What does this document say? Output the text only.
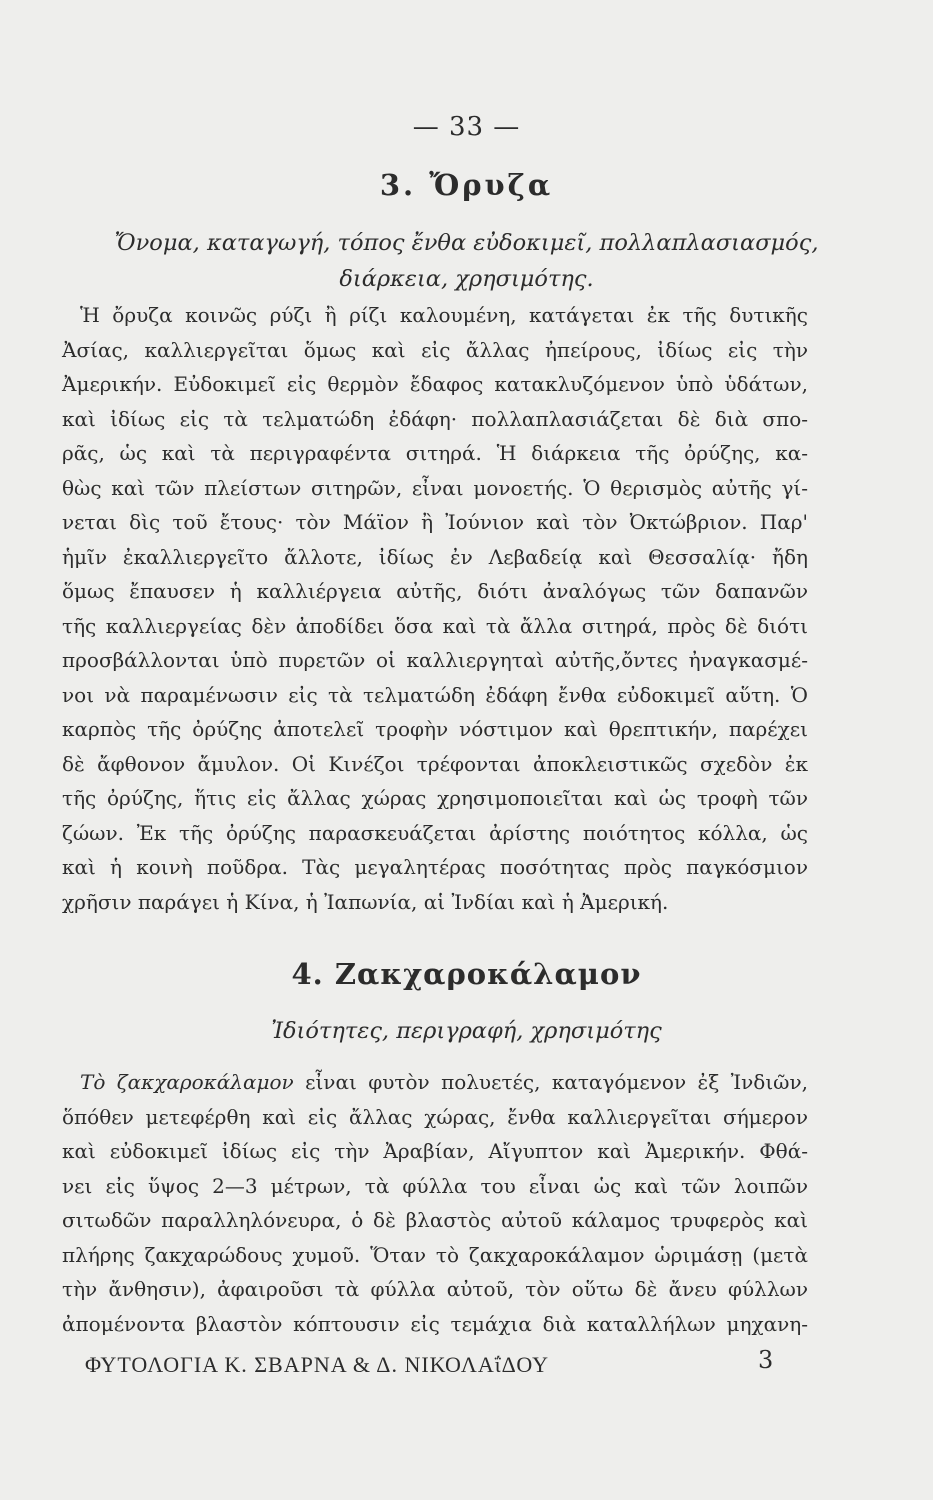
— 33 —
3. Ὄρυζα
Ὄνομα, καταγωγή, τόπος ἔνθα εὐδοκιμεῖ, πολλαπλασιασμός,
διάρκεια, χρησιμότης.
Ἡ ὄρυζα κοινῶς ρύζι ἢ ρίζι καλουμένη, κατάγεται ἐκ τῆς δυτικῆς
Ἀσίας, καλλιεργεῖται ὅμως καὶ εἰς ἄλλας ἠπείρους, ἰδίως εἰς τὴν
Ἀμερικήν. Εὐδοκιμεῖ εἰς θερμὸν ἔδαφος κατακλυζόμενον ὑπὸ ὑδάτων,
καὶ ἰδίως εἰς τὰ τελματώδη ἐδάφη· πολλαπλασιάζεται δὲ διὰ σπο-
ρᾶς, ὡς καὶ τὰ περιγραφέντα σιτηρά. Ἡ διάρκεια τῆς ὀρύζης, κα-
θὼς καὶ τῶν πλείστων σιτηρῶν, εἶναι μονοετής. Ὁ θερισμὸς αὐτῆς γί-
νεται δὶς τοῦ ἔτους· τὸν Μάϊον ἢ Ἰούνιον καὶ τὸν Ὀκτώβριον. Παρ'
ἡμῖν ἐκαλλιεργεῖτο ἄλλοτε, ἰδίως ἐν Λεβαδείᾳ καὶ Θεσσαλίᾳ· ἤδη
ὅμως ἔπαυσεν ἡ καλλιέργεια αὐτῆς, διότι ἀναλόγως τῶν δαπανῶν
τῆς καλλιεργείας δὲν ἀποδίδει ὅσα καὶ τὰ ἄλλα σιτηρά, πρὸς δὲ διότι
προσβάλλονται ὑπὸ πυρετῶν οἱ καλλιεργηταὶ αὐτῆς,ὄντες ἠναγκασμέ-
νοι νὰ παραμένωσιν εἰς τὰ τελματώδη ἐδάφη ἔνθα εὐδοκιμεῖ αὕτη. Ὁ
καρπὸς τῆς ὀρύζης ἀποτελεῖ τροφὴν νόστιμον καὶ θρεπτικήν, παρέχει
δὲ ἄφθονον ἄμυλον. Οἱ Κινέζοι τρέφονται ἀποκλειστικῶς σχεδὸν ἐκ
τῆς ὀρύζης, ἥτις εἰς ἄλλας χώρας χρησιμοποιεῖται καὶ ὡς τροφὴ τῶν
ζώων. Ἐκ τῆς ὀρύζης παρασκευάζεται ἀρίστης ποιότητος κόλλα, ὡς
καὶ ἡ κοινὴ ποῦδρα. Τὰς μεγαλητέρας ποσότητας πρὸς παγκόσμιον
χρῆσιν παράγει ἡ Κίνα, ἡ Ἰαπωνία, αἱ Ἰνδίαι καὶ ἡ Ἀμερική.
4. Ζακχαροκάλαμον
Ἰδιότητες, περιγραφή, χρησιμότης
Τὸ ζακχαροκάλαμον εἶναι φυτὸν πολυετές, καταγόμενον ἐξ Ἰνδιῶν,
ὅπόθεν μετεφέρθη καὶ εἰς ἄλλας χώρας, ἔνθα καλλιεργεῖται σήμερον
καὶ εὐδοκιμεῖ ἰδίως εἰς τὴν Ἀραβίαν, Αἴγυπτον καὶ Ἀμερικήν. Φθά-
νει εἰς ὕψος 2—3 μέτρων, τὰ φύλλα του εἶναι ὡς καὶ τῶν λοιπῶν
σιτωδῶν παραλληλόνευρα, ὁ δὲ βλαστὸς αὐτοῦ κάλαμος τρυφερὸς καὶ
πλήρης ζακχαρώδους χυμοῦ. Ὅταν τὸ ζακχαροκάλαμον ὡριμάσῃ (μετὰ
τὴν ἄνθησιν), ἀφαιροῦσι τὰ φύλλα αὐτοῦ, τὸν οὕτω δὲ ἄνευ φύλλων
ἀπομένοντα βλαστὸν κόπτουσιν εἰς τεμάχια διὰ καταλλήλων μηχανη-
ΦΥΤΟΛΟΓΙΑ Κ. ΣΒΑΡΝΑ & Δ. ΝΙΚΟΛΑΐΔΟΥ	3
